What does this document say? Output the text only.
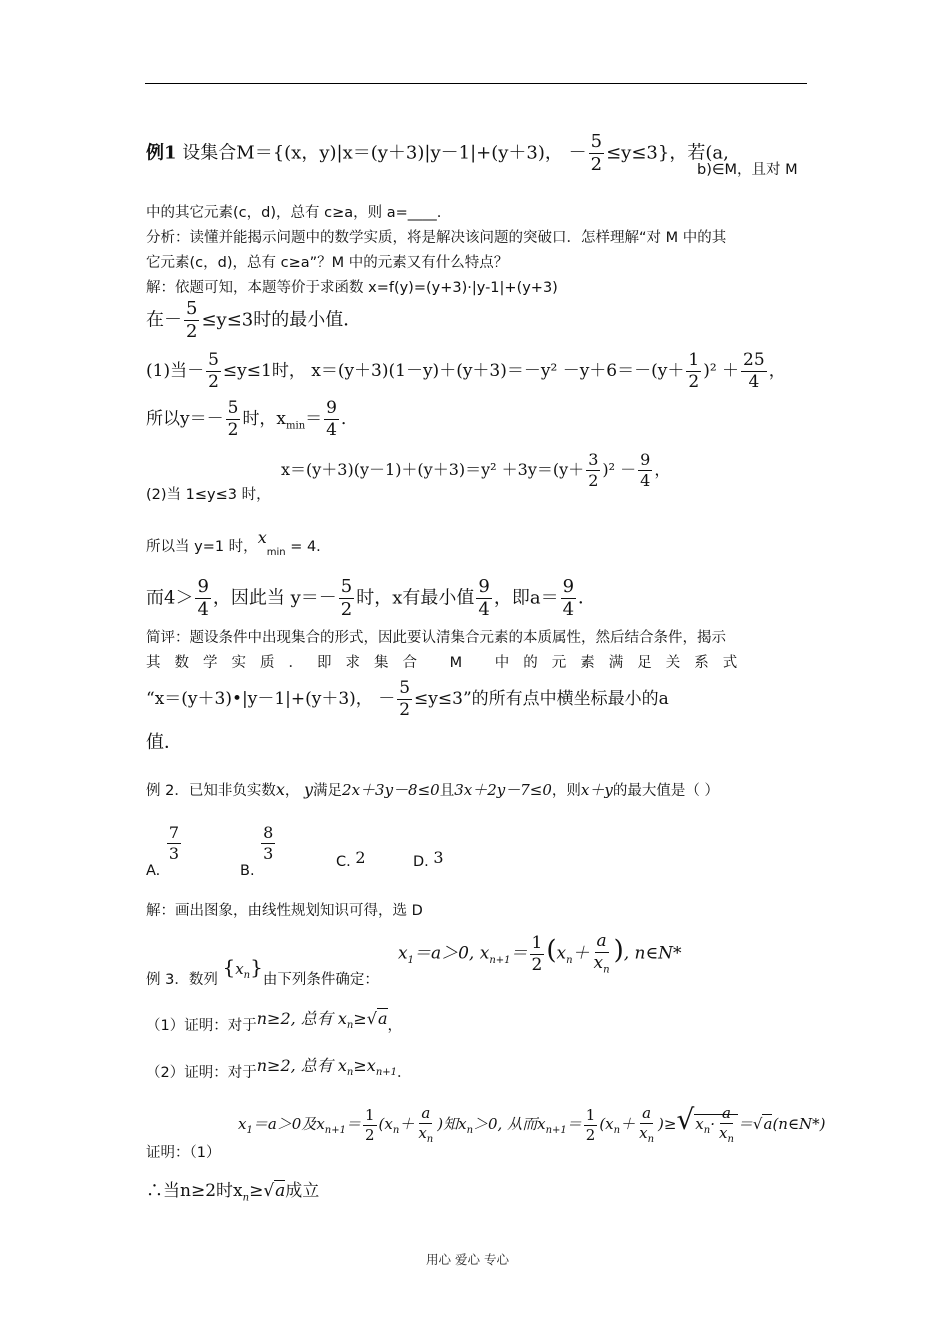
例1 设集合M＝{(x，y)|x＝(y＋3)|y－1|+(y＋3)， － $\frac{5}{2} \le y\le 3$}，若(a,
b)∈M，且对 M
中的其它元素(c，d)，总有 c≥a，则 a=____.
分析：读懂并能揭示问题中的数学实质，将是解决该问题的突破口．怎样理解“对 M 中的其
它元素(c，d)，总有 c≥a”？M 中的元素又有什么特点？
解：依题可知，本题等价于求函数 x=f(y)=(y+3)·|y-1|+(y+3)
在－ $\frac{5}{2} \le y\le 3$时的最小值．
(1)当－ $\frac{5}{2} \le y\le 1$时， $x=(y+3)(1-y)+(y+3)=-y^2 -y+6=-(y+ \frac{1}{2} )^2 + \frac{25}{4}$ ，
所以$y=- \frac{5}{2}$ 时，$x_{min}= \frac{9}{4}$ ．
$x=(y+3)(y-1)+(y+3)=y^2 +3y=(y+ \frac{3}{2} )^2 - \frac{9}{4}$ ，
(2)当 1≤y≤3 时，
所以当 y=1 时，$x_{min} = 4$.
而$4> \frac{9}{4}$ ，因此当 $y=- \frac{5}{2}$ 时，x有最小值 $\frac{9}{4}$ ，即$a= \frac{9}{4}$ ．
简评：题设条件中出现集合的形式，因此要认清集合元素的本质属性，然后结合条件，揭示
其数学实质．即求集合 M 中的元素满足关系式
“x＝(y＋3)•|y－1|+(y＋3)， － $\frac{5}{2} \le y\le 3$”的所有点中横坐标最小的a
值．
例 2．已知非负实数x， y满足2x＋3y－8≤0且3x＋2y－7≤0，则x＋y的最大值是（ ）
A.
$\frac{7}{3}$
B.
$\frac{8}{3}$	C. 2	D. 3
解：画出图象，由线性规划知识可得，选 D
$x_1=a>0$, $x_{n+1}= \frac{1}{2} (x_n+ \frac{a}{x_n}$ ), n∈N*
例 3．数列 $\{x_n\}$由下列条件确定：
（1）证明：对于n≥2, 总有 $x_n\ge√a$，
（2）证明：对于n≥2, 总有 $x_n\ge x_{n+1}$．
$x_1=a>0$及$x_{n+1}= \frac{1}{2} (x_n+ \frac{a}{x_n}$ )知$x_n>0$, 从而$x_{n+1}= \frac{1}{2} (x_n+ \frac{a}{x_n} )\ge√x_n\cdot \frac{a}{x_n}$ ＝√a(n∈N*)
证明：（1）
∴当n≥2时$x_n\ge√a$成立
用心 爱心 专心
